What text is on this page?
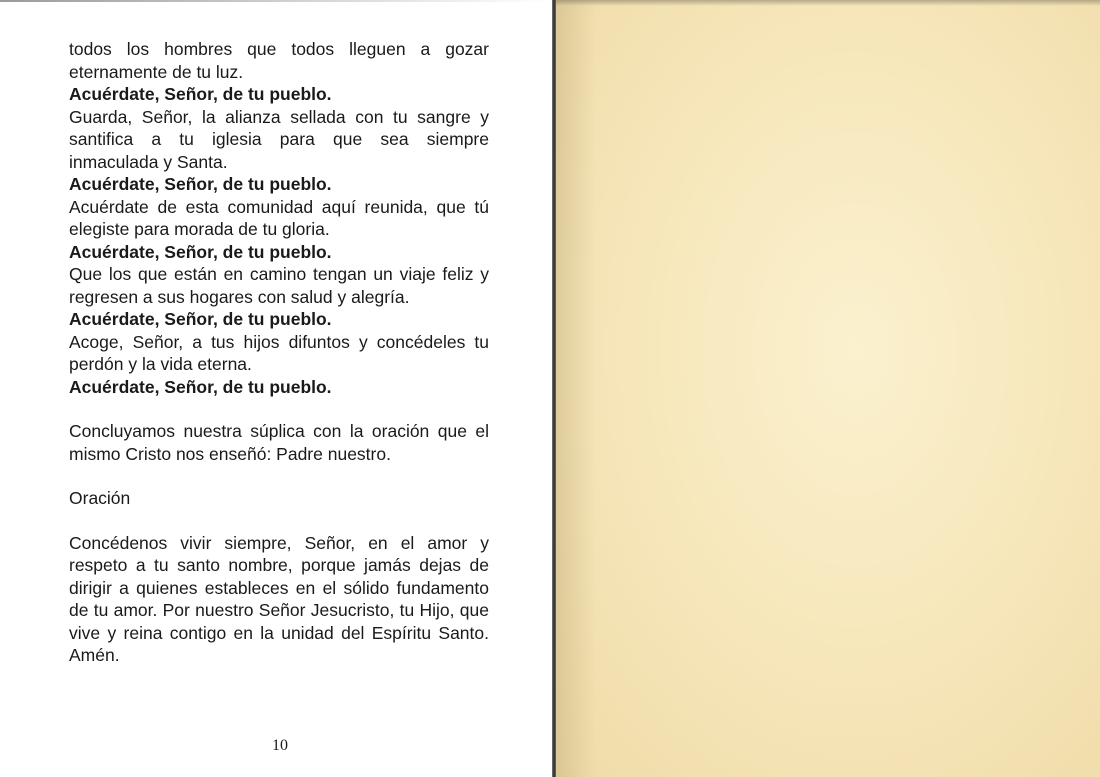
todos los hombres que todos lleguen a gozar eternamente de tu luz.

Acuérdate, Señor, de tu pueblo.

Guarda, Señor, la alianza sellada con tu sangre y santifica a tu iglesia para que sea siempre inmaculada y Santa.

Acuérdate, Señor, de tu pueblo.

Acuérdate de esta comunidad aquí reunida, que tú elegiste para morada de tu gloria.

Acuérdate, Señor, de tu pueblo.

Que los que están en camino tengan un viaje feliz y regresen a sus hogares con salud y alegría.

Acuérdate, Señor, de tu pueblo.

Acoge, Señor, a tus hijos difuntos y concédeles tu perdón y la vida eterna.

Acuérdate, Señor, de tu pueblo.

Concluyamos nuestra súplica con la oración que el mismo Cristo nos enseñó: Padre nuestro.

Oración

Concédenos vivir siempre, Señor, en el amor y respeto a tu santo nombre, porque jamás dejas de dirigir a quienes estableces en el sólido fundamento de tu amor. Por nuestro Señor Jesucristo, tu Hijo, que vive y reina contigo en la unidad del Espíritu Santo. Amén.

10
